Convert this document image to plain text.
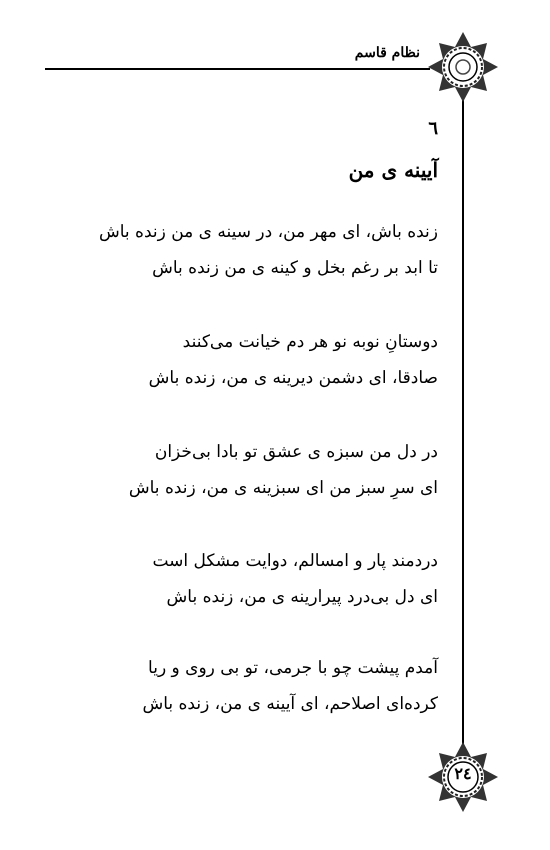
نظام قاسم
٢٤
٦
آیینه ی من
زنده باش، ای مهر من، در سینه ی من زنده باش
تا ابد بر رغم بخل و کینه ی من زنده باش
دوستانِ نوبه نو هر دم خیانت می‌کنند
صادقا، ای دشمن دیرینه ی من، زنده باش
در دل من سبزه ی عشق تو بادا بی‌خزان
ای سرِ سبز من ای سبزینه ی من، زنده باش
دردمند پار و امسالم، دوایت مشکل است
ای دل بی‌درد پیرارینه ی من، زنده باش
آمدم پیشت چو با جرمی، تو بی روی و ریا
کرده‌ای اصلاحم، ای آیینه ی من، زنده باش
